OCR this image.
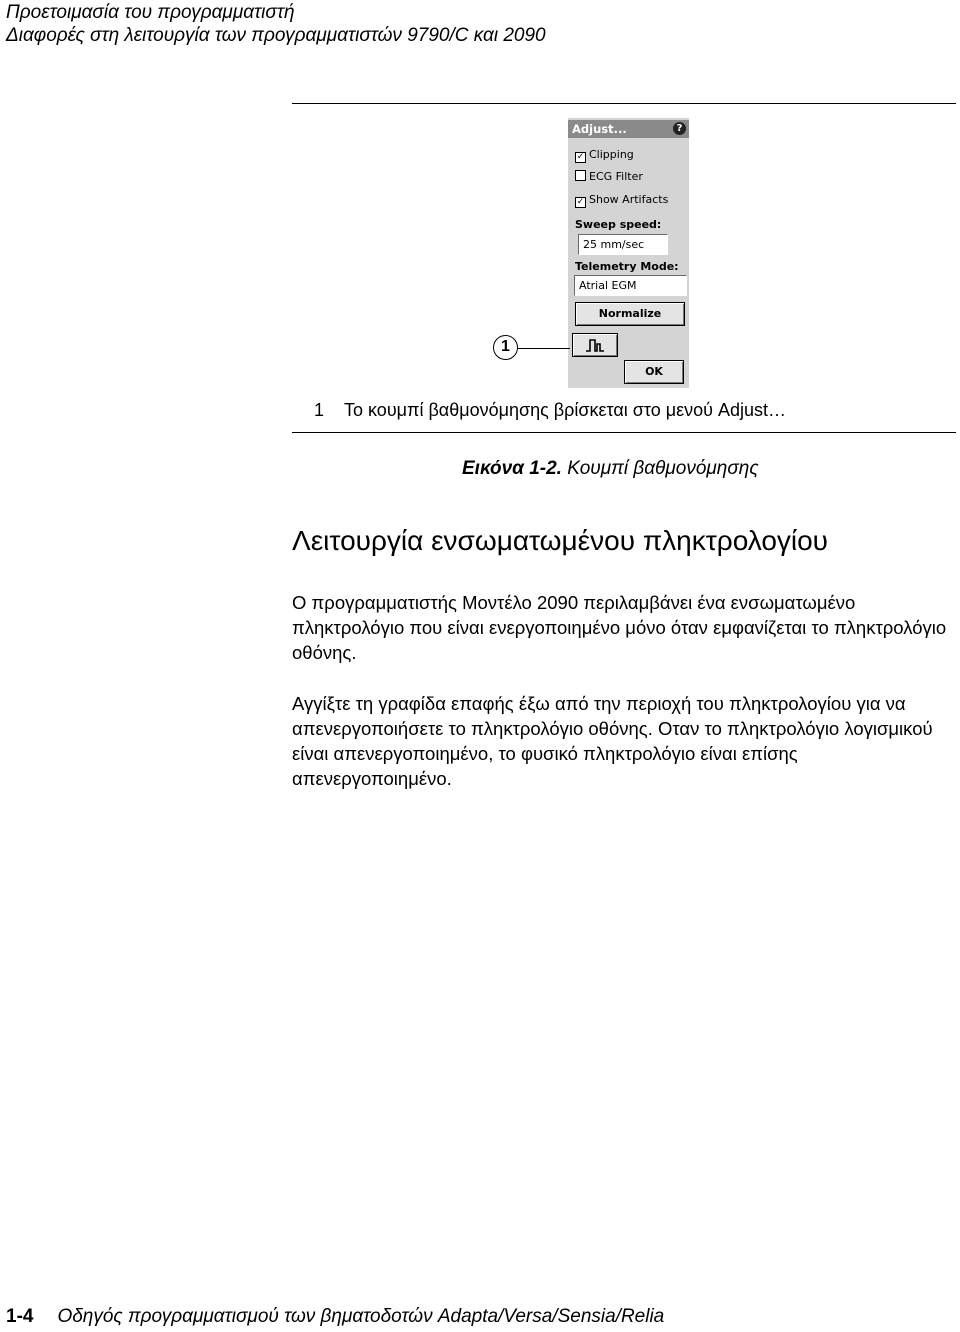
Προετοιμασία του προγραμματιστή
Διαφορές στη λειτουργία των προγραμματιστών 9790/C και 2090
Adjust...	?
✓ Clipping
ECG Filter
✓ Show Artifacts
Sweep speed:
25 mm/sec
Telemetry Mode:
Atrial EGM
Normalize
OK
1
1 Το κουμπί βαθμονόμησης βρίσκεται στο μενού Adjust…
Εικόνα 1-2. Κουμπί βαθμονόμησης
Λειτουργία ενσωματωμένου πληκτρολογίου

Ο προγραμματιστής Μοντέλο 2090 περιλαμβάνει ένα ενσωματωμένο πληκτρολόγιο που είναι ενεργοποιημένο μόνο όταν εμφανίζεται το πληκτρολόγιο οθόνης.

Αγγίξτε τη γραφίδα επαφής έξω από την περιοχή του πληκτρολογίου για να απενεργοποιήσετε το πληκτρολόγιο οθόνης. Οταν το πληκτρολόγιο λογισμικού είναι απενεργοποιημένο, το φυσικό πληκτρολόγιο είναι επίσης απενεργοποιημένο.

1-4 Οδηγός προγραμματισμού των βηματοδοτών Adapta/Versa/Sensia/Relia
